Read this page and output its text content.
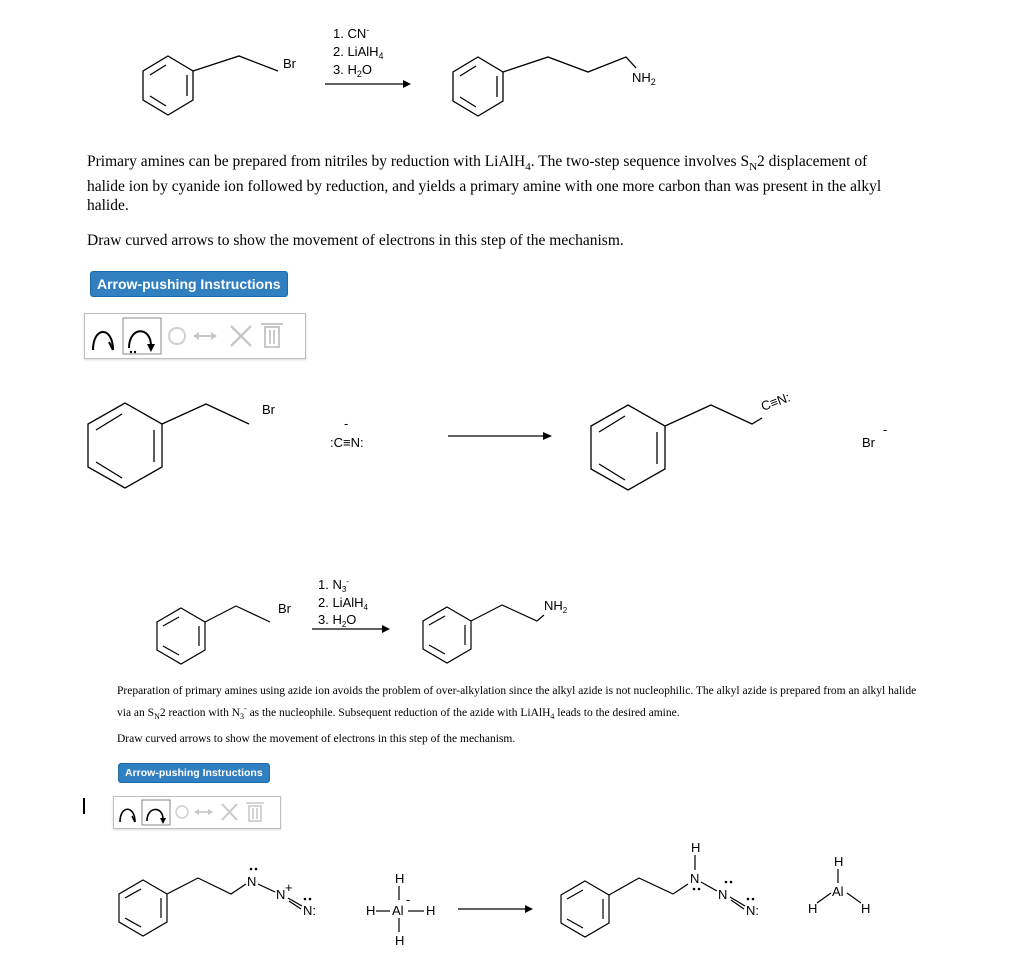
Br
1. CN-
2. LiAlH$_4$
3. $H_2O$
$NH_2$
Primary amines can be prepared from nitriles by reduction with LiAlH$_4$. The two-step sequence involves $S_N2$ displacement of halide ion by cyanide ion followed by reduction, and yields a primary amine with one more carbon than was present in the alkyl halide.
Draw curved arrows to show the movement of electrons in this step of the mechanism.
Arrow-pushing Instructions
Br
:C≡N:
-
C≡N:
Br
-
Br
1. $N_3^-$
2. LiAlH$_4$
3. $H_2O$
$NH_2$
Preparation of primary amines using azide ion avoids the problem of over-alkylation since the alkyl azide is not nucleophilic. The alkyl azide is prepared from an alkyl halide via an $S_N2$ reaction with $N_3^-$ as the nucleophile. Subsequent reduction of the azide with LiAlH$_4$ leads to the desired amine.
Draw curved arrows to show the movement of electrons in this step of the mechanism.
Arrow-pushing Instructions
N
N +
N:
H
H Al
-
H
H
H
N
N
N:
H
Al
H	H
